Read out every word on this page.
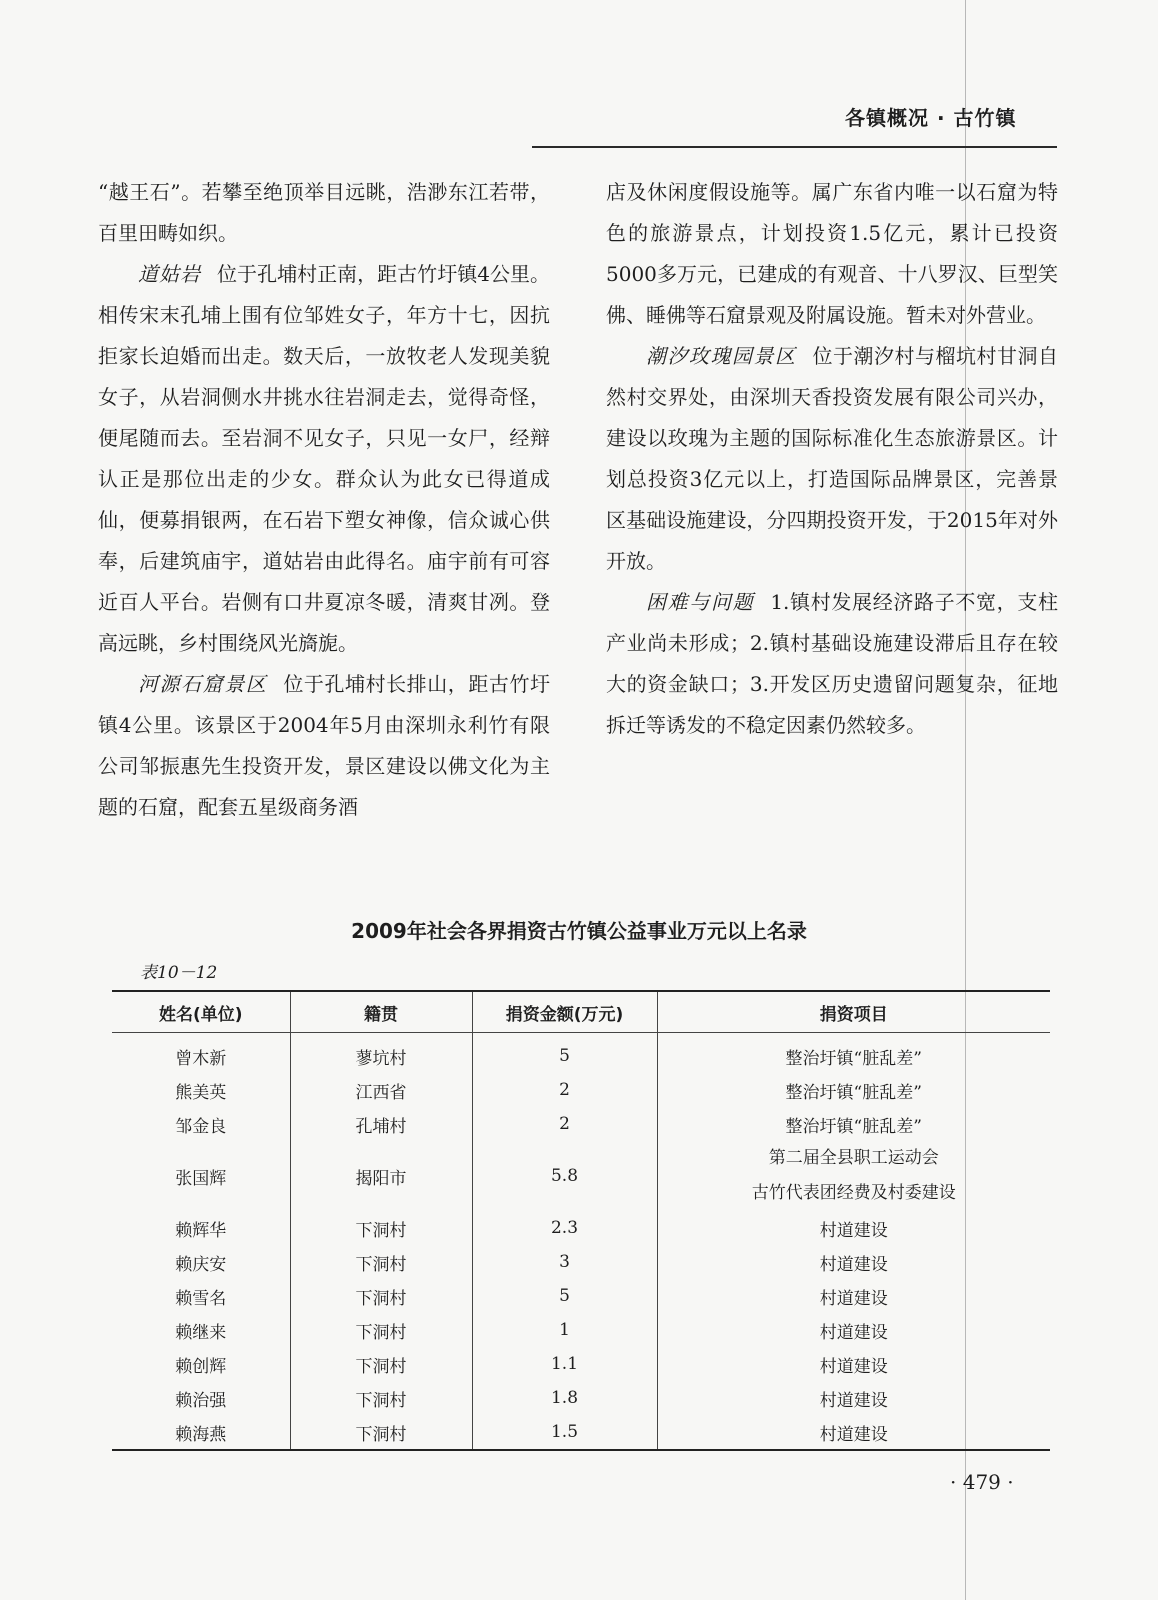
各镇概况 · 古竹镇

“越王石”。若攀至绝顶举目远眺，浩渺东江若带，百里田畴如织。

道姑岩 位于孔埔村正南，距古竹圩镇4公里。相传宋末孔埔上围有位邹姓女子，年方十七，因抗拒家长迫婚而出走。数天后，一放牧老人发现美貌女子，从岩洞侧水井挑水往岩洞走去，觉得奇怪，便尾随而去。至岩洞不见女子，只见一女尸，经辩认正是那位出走的少女。群众认为此女已得道成仙，便募捐银两，在石岩下塑女神像，信众诚心供奉，后建筑庙宇，道姑岩由此得名。庙宇前有可容近百人平台。岩侧有口井夏凉冬暖，清爽甘冽。登高远眺，乡村围绕风光旖旎。

河源石窟景区 位于孔埔村长排山，距古竹圩镇4公里。该景区于2004年5月由深圳永利竹有限公司邹振惠先生投资开发，景区建设以佛文化为主题的石窟，配套五星级商务酒

店及休闲度假设施等。属广东省内唯一以石窟为特色的旅游景点，计划投资1.5亿元，累计已投资5000多万元，已建成的有观音、十八罗汉、巨型笑佛、睡佛等石窟景观及附属设施。暂未对外营业。

潮汐玫瑰园景区 位于潮汐村与榴坑村甘洞自然村交界处，由深圳天香投资发展有限公司兴办，建设以玫瑰为主题的国际标准化生态旅游景区。计划总投资3亿元以上，打造国际品牌景区，完善景区基础设施建设，分四期投资开发，于2015年对外开放。

困难与问题 1.镇村发展经济路子不宽，支柱产业尚未形成；2.镇村基础设施建设滞后且存在较大的资金缺口；3.开发区历史遗留问题复杂，征地拆迁等诱发的不稳定因素仍然较多。

2009年社会各界捐资古竹镇公益事业万元以上名录
表10－12
姓名(单位)	籍贯	捐资金额(万元)	捐资项目
曾木新	蓼坑村	5	整治圩镇“脏乱差”
熊美英	江西省	2	整治圩镇“脏乱差”
邹金良	孔埔村	2	整治圩镇“脏乱差”
张国辉	揭阳市	5.8	第二届全县职工运动会
古竹代表团经费及村委建设

赖辉华	下洞村	2.3	村道建设
赖庆安	下洞村	3	村道建设
赖雪名	下洞村	5	村道建设
赖继来	下洞村	1	村道建设
赖创辉	下洞村	1.1	村道建设
赖治强	下洞村	1.8	村道建设
赖海燕	下洞村	1.5	村道建设
· 479 ·
